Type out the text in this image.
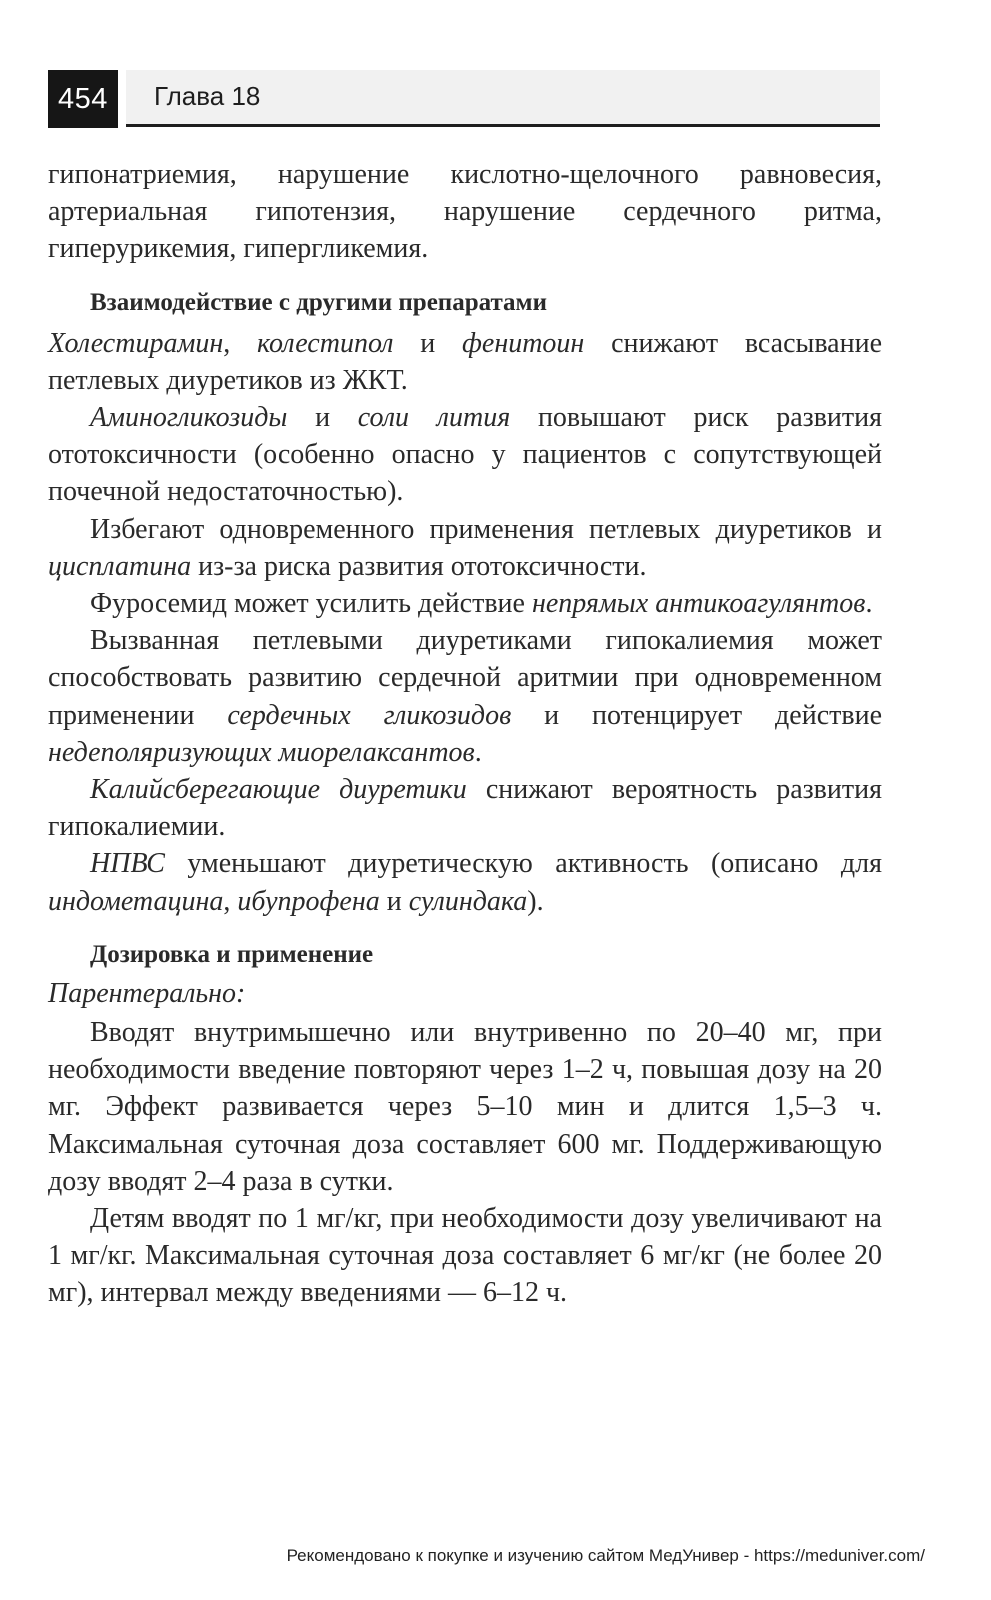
454	Глава 18

гипонатриемия, нарушение кислотно-щелочного равновесия, артериальная гипотензия, нарушение сердечного ритма, гиперурикемия, гипергликемия.

Взаимодействие с другими препаратами

Холестирамин, колестипол и фенитоин снижают всасывание петлевых диуретиков из ЖКТ.

Аминогликозиды и соли лития повышают риск развития ототоксичности (особенно опасно у пациентов с сопутствующей почечной недостаточностью).

Избегают одновременного применения петлевых диуретиков и цисплатина из-за риска развития ототоксичности.

Фуросемид может усилить действие непрямых антикоагулянтов.

Вызванная петлевыми диуретиками гипокалиемия может способствовать развитию сердечной аритмии при одновременном применении сердечных гликозидов и потенцирует действие недеполяризующих миорелаксантов.

Калийсберегающие диуретики снижают вероятность развития гипокалиемии.

НПВС уменьшают диуретическую активность (описано для индометацина, ибупрофена и сулиндака).

Дозировка и применение

Парентерально:

Вводят внутримышечно или внутривенно по 20–40 мг, при необходимости введение повторяют через 1–2 ч, повышая дозу на 20 мг. Эффект развивается через 5–10 мин и длится 1,5–3 ч. Максимальная суточная доза составляет 600 мг. Поддерживающую дозу вводят 2–4 раза в сутки.

Детям вводят по 1 мг/кг, при необходимости дозу увеличивают на 1 мг/кг. Максимальная суточная доза составляет 6 мг/кг (не более 20 мг), интервал между введениями — 6–12 ч.

Рекомендовано к покупке и изучению сайтом МедУнивер - https://meduniver.com/
